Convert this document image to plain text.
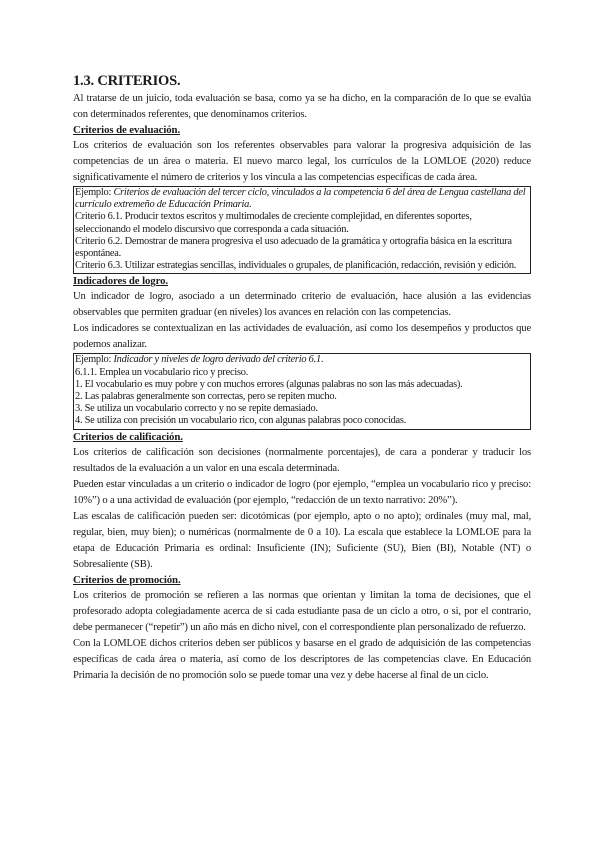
1.3. CRITERIOS.

Al tratarse de un juicio, toda evaluación se basa, como ya se ha dicho, en la comparación de lo que se evalúa con determinados referentes, que denominamos criterios.

Criterios de evaluación.

Los criterios de evaluación son los referentes observables para valorar la progresiva adquisición de las competencias de un área o materia. El nuevo marco legal, los currículos de la LOMLOE (2020) reduce significativamente el número de criterios y los vincula a las competencias específicas de cada área.

Ejemplo: Criterios de evaluación del tercer ciclo, vinculados a la competencia 6 del área de Lengua castellana del currículo extremeño de Educación Primaria.
Criterio 6.1. Producir textos escritos y multimodales de creciente complejidad, en diferentes soportes, seleccionando el modelo discursivo que corresponda a cada situación.
Criterio 6.2. Demostrar de manera progresiva el uso adecuado de la gramática y ortografía básica en la escritura espontánea.
Criterio 6.3. Utilizar estrategias sencillas, individuales o grupales, de planificación, redacción, revisión y edición.
Indicadores de logro.

Un indicador de logro, asociado a un determinado criterio de evaluación, hace alusión a las evidencias observables que permiten graduar (en niveles) los avances en relación con las competencias.

Los indicadores se contextualizan en las actividades de evaluación, así como los desempeños y productos que podemos analizar.

Ejemplo: Indicador y niveles de logro derivado del criterio 6.1.
6.1.1. Emplea un vocabulario rico y preciso.
1. El vocabulario es muy pobre y con muchos errores (algunas palabras no son las más adecuadas).
2. Las palabras generalmente son correctas, pero se repiten mucho.
3. Se utiliza un vocabulario correcto y no se repite demasiado.
4. Se utiliza con precisión un vocabulario rico, con algunas palabras poco conocidas.
Criterios de calificación.

Los criterios de calificación son decisiones (normalmente porcentajes), de cara a ponderar y traducir los resultados de la evaluación a un valor en una escala determinada.

Pueden estar vinculadas a un criterio o indicador de logro (por ejemplo, “emplea un vocabulario rico y preciso: 10%”) o a una actividad de evaluación (por ejemplo, “redacción de un texto narrativo: 20%”).

Las escalas de calificación pueden ser: dicotómicas (por ejemplo, apto o no apto); ordinales (muy mal, mal, regular, bien, muy bien); o numéricas (normalmente de 0 a 10). La escala que establece la LOMLOE para la etapa de Educación Primaria es ordinal: Insuficiente (IN); Suficiente (SU), Bien (BI), Notable (NT) o Sobresaliente (SB).

Criterios de promoción.

Los criterios de promoción se refieren a las normas que orientan y limitan la toma de decisiones, que el profesorado adopta colegiadamente acerca de si cada estudiante pasa de un ciclo a otro, o si, por el contrario, debe permanecer (“repetir”) un año más en dicho nivel, con el correspondiente plan personalizado de refuerzo.

Con la LOMLOE dichos criterios deben ser públicos y basarse en el grado de adquisición de las competencias específicas de cada área o materia, así como de los descriptores de las competencias clave. En Educación Primaria la decisión de no promoción solo se puede tomar una vez y debe hacerse al final de un ciclo.
